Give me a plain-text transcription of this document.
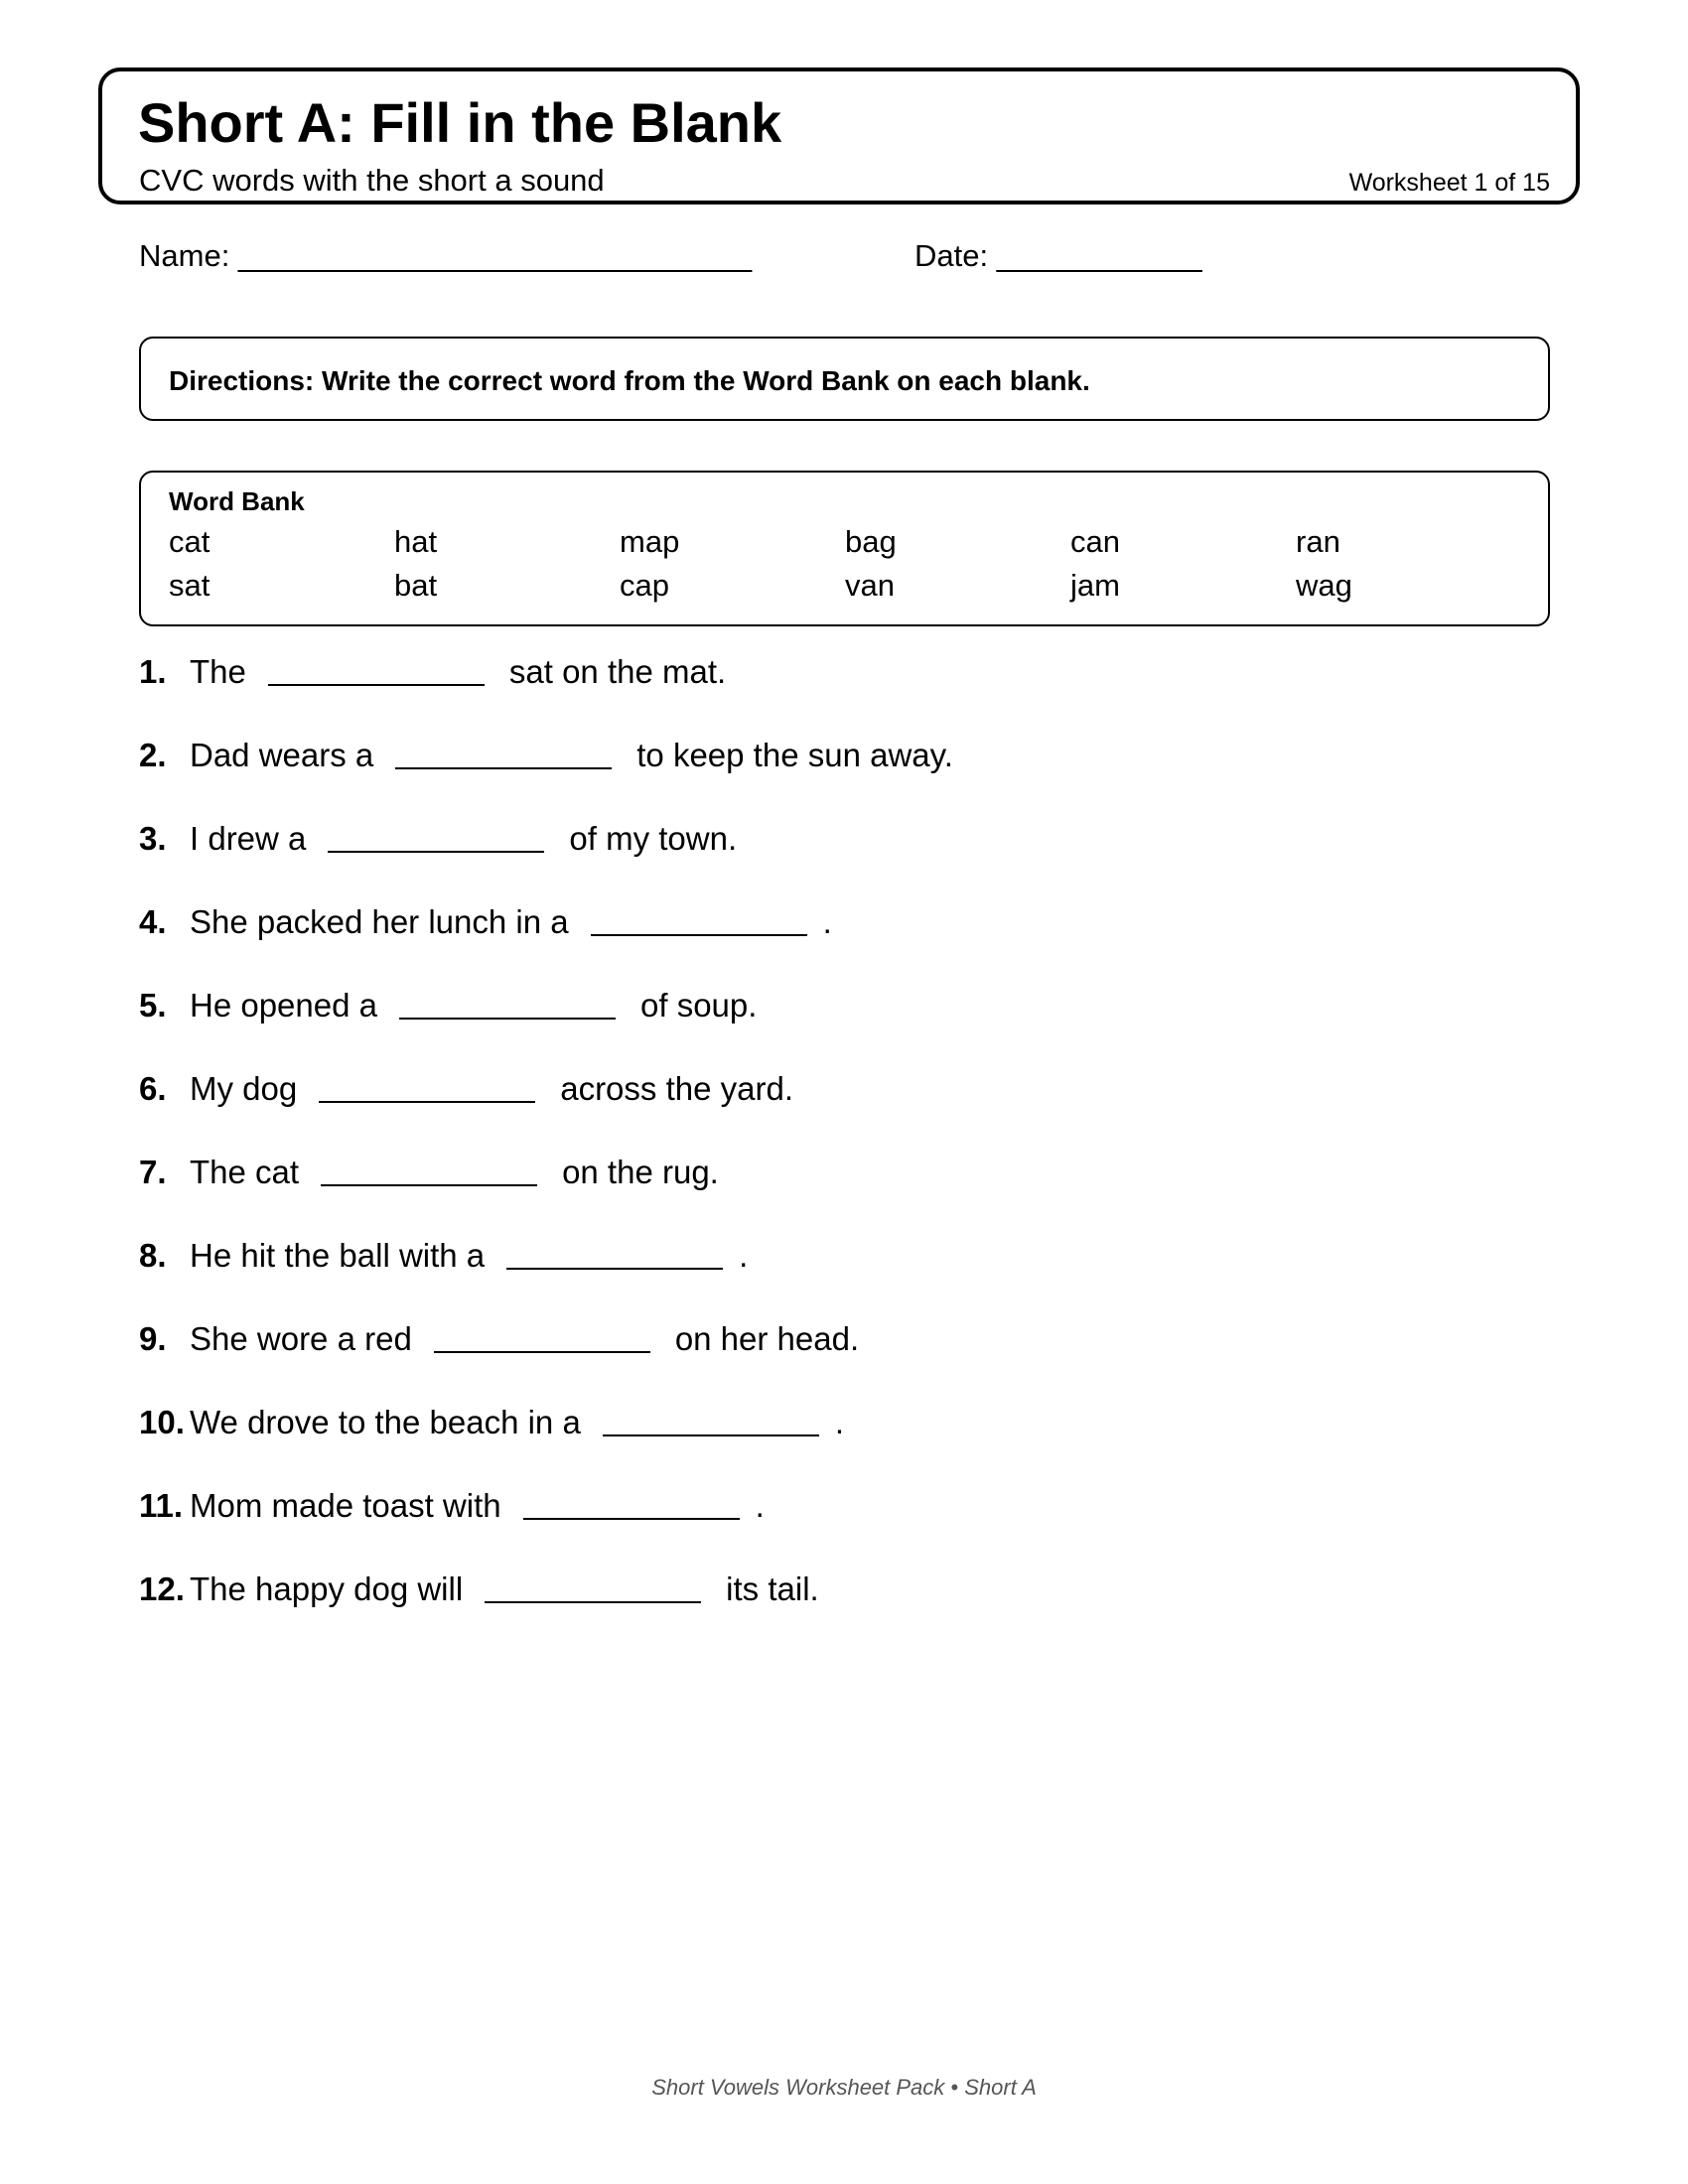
Short A: Fill in the Blank
CVC words with the short a sound	Worksheet 1 of 15
Name: ______________________________	Date: ____________
Directions: Write the correct word from the Word Bank on each blank.
Word Bank
cat	hat	map	bag	can	ran
sat	bat	cap	van	jam	wag
1. The	sat on the mat.
2. Dad wears a	to keep the sun away.
3. I drew a	of my town.
4. She packed her lunch in a	.
5. He opened a	of soup.
6. My dog	across the yard.
7. The cat	on the rug.
8. He hit the ball with a	.
9. She wore a red	on her head.
10. We drove to the beach in a	.
11. Mom made toast with	.
12. The happy dog will	its tail.
Short Vowels Worksheet Pack • Short A
